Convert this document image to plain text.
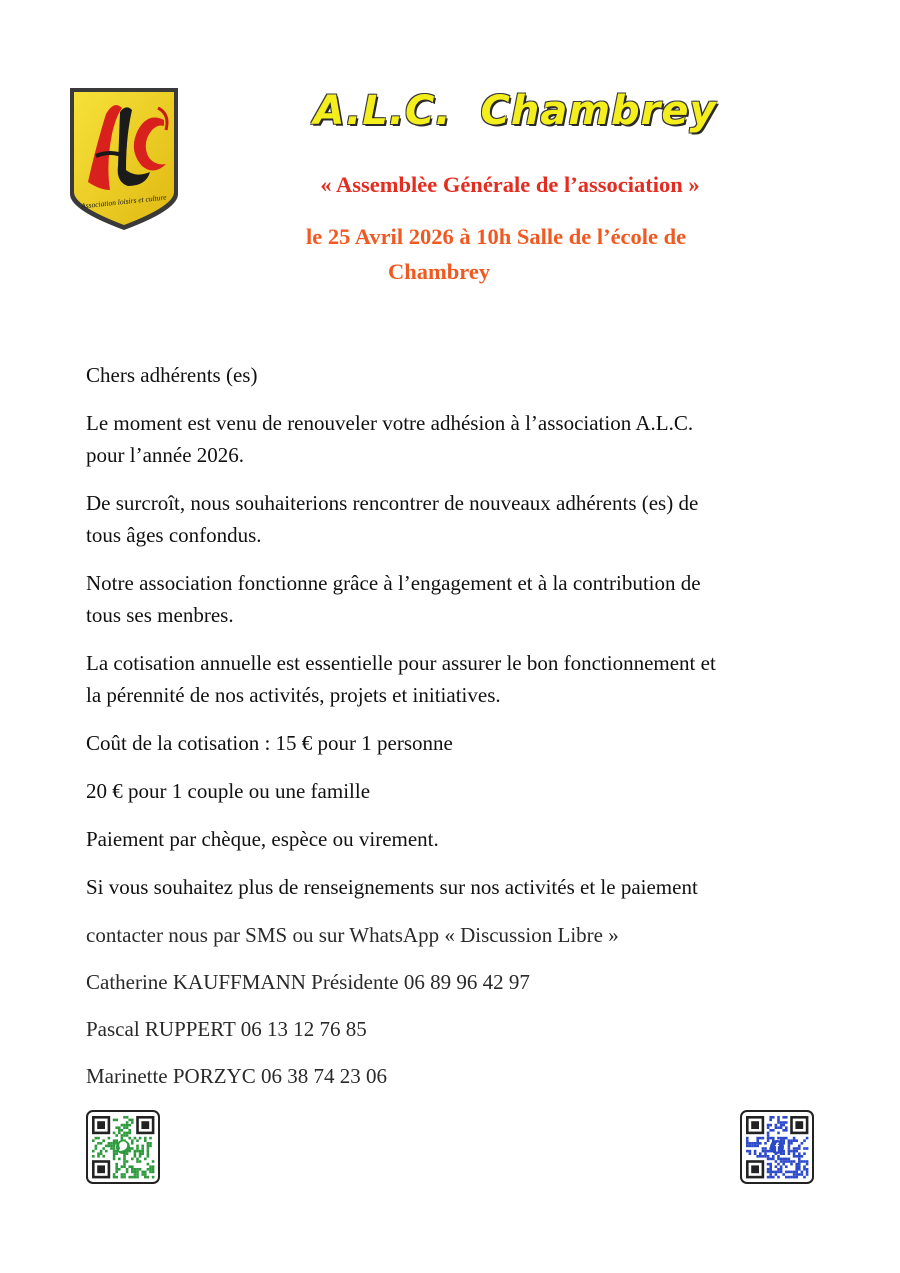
Association loisirs et culture
A.L.C. Chambrey
« Assemblèe Générale de l’association »
le 25 Avril 2026 à 10h Salle de l’école de
Chambrey

Chers adhérents (es)

Le moment est venu de renouveler votre adhésion à l’association A.L.C.
pour l’année 2026.

De surcroît, nous souhaiterions rencontrer de nouveaux adhérents (es) de
tous âges confondus.

Notre association fonctionne grâce à l’engagement et à la contribution de
tous ses menbres.

La cotisation annuelle est essentielle pour assurer le bon fonctionnement et
la pérennité de nos activités, projets et initiatives.

Coût de la cotisation : 15 € pour 1 personne

20 € pour 1 couple ou une famille

Paiement par chèque, espèce ou virement.

Si vous souhaitez plus de renseignements sur nos activités et le paiement

contacter nous par SMS ou sur WhatsApp « Discussion Libre »

Catherine KAUFFMANN Présidente 06 89 96 42 97

Pascal RUPPERT 06 13 12 76 85

Marinette PORZYC 06 38 74 23 06

f
